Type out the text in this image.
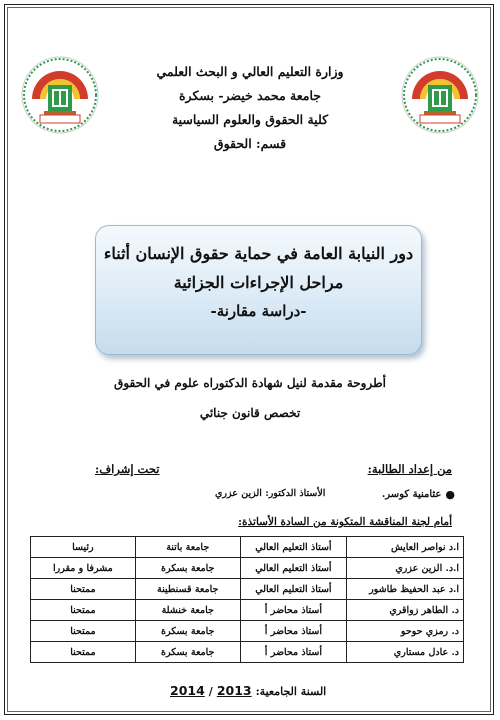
وزارة التعليم العالي و البحث العلمي
جامعة محمد خيضر- بسكرة
كلية الحقوق والعلوم السياسية
قسم: الحقوق
دور النيابة العامة في حماية حقوق الإنسان أثناء
مراحل الإجراءات الجزائية
-دراسة مقارنة-
أطروحة مقدمة لنيل شهادة الدكتوراه علوم في الحقوق
تخصص قانون جنائي
من إعداد الطالبة:
تحت إشراف:
●
عثامنية كوسر.
الأستاذ الدكتور: الزين عزري
أمام لجنة المناقشة المتكونة من السادة الأساتذة:
ا.د نواصر العايش	أستاذ التعليم العالي	جامعة باتنة	رئيسا
ا.د. الزين عزري	أستاذ التعليم العالي	جامعة بسكرة	مشرفا و مقررا
ا.د عبد الحفيظ طاشور	أستاذ التعليم العالي	جامعة قسنطينة	ممتحنا
د. الطاهر زواقري	أستاذ محاضر أ	جامعة خنشلة	ممتحنا
د. رمزي حوحو	أستاذ محاضر أ	جامعة بسكرة	ممتحنا
د. عادل مستاري	أستاذ محاضر أ	جامعة بسكرة	ممتحنا
السنة الجامعية:
2013
/
2014
